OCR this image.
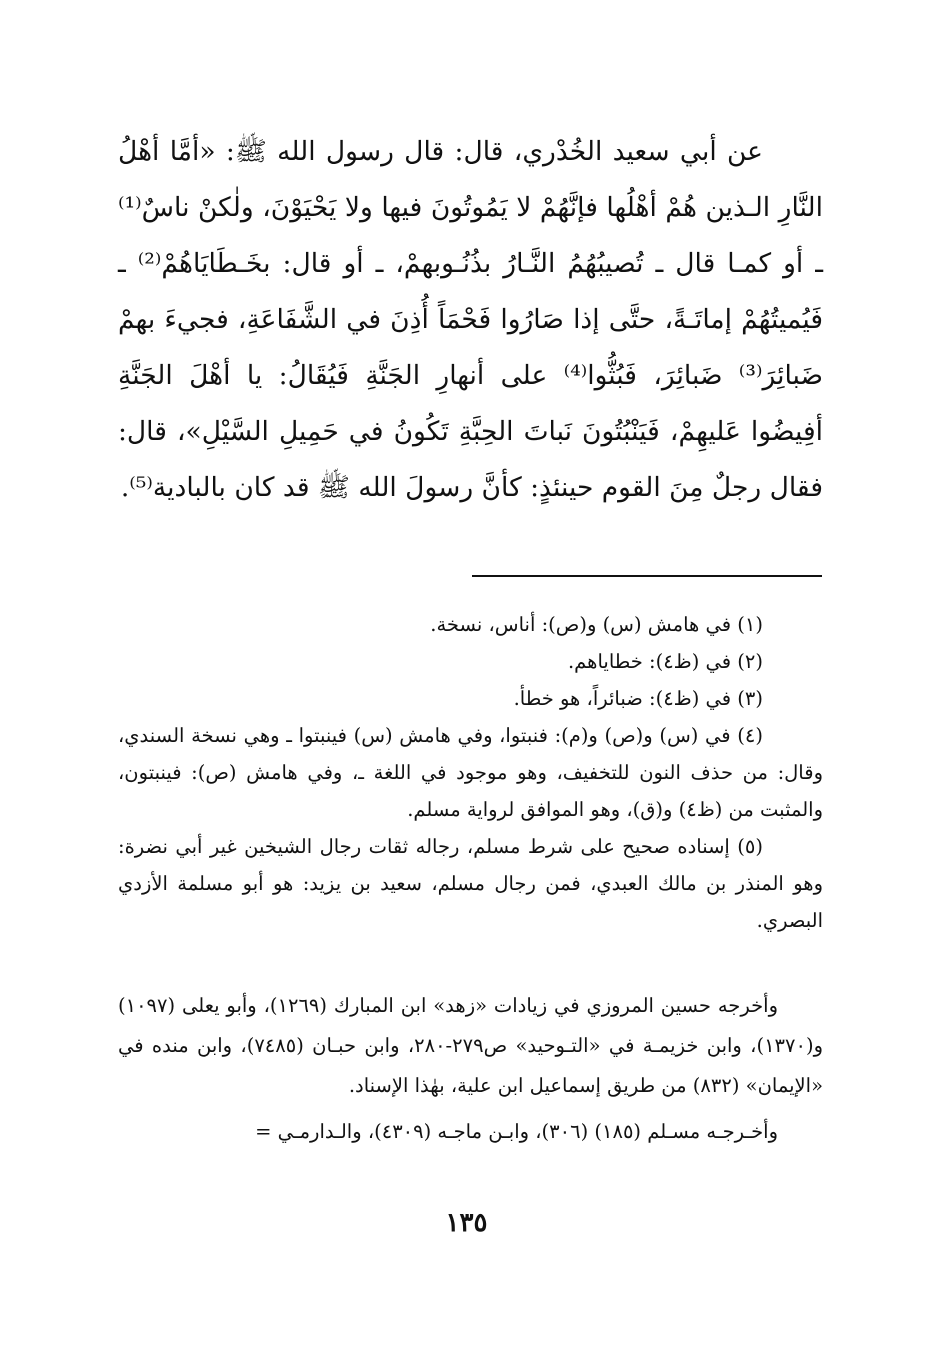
عن أبي سعيد الخُدْري، قال: قال رسول الله ﷺ: «أمَّا أهْلُ النَّارِ الـذين هُمْ أهْلُها فإنَّهُمْ لا يَمُوتُونَ فيها ولا يَحْيَوْنَ، ولٰكنْ ناسٌ⁽¹⁾ ـ أو كمـا قال ـ تُصيبُهُمُ النَّـارُ بذُنُـوبهمْ، ـ أو قال: بخَـطَايَاهُمْ⁽²⁾ ـ فَيُميتُهُمْ إماتَـةً، حتَّى إذا صَارُوا فَحْمَاً أُذِنَ في الشَّفَاعَةِ، فجيءَ بهمْ ضَبائِرَ⁽³⁾ ضَبائِرَ، فَبُثُّوا⁽⁴⁾ على أنهارِ الجَنَّةِ فَيُقَالُ: يا أهْلَ الجَنَّةِ أفِيضُوا عَليهِمْ، فَيَنْبُتُونَ نَباتَ الحِبَّةِ تَكُونُ في حَمِيلِ السَّيْلِ»، قال: فقال رجلٌ مِنَ القوم حينئذٍ: كأنَّ رسولَ الله ﷺ قد كان بالبادية⁽⁵⁾.

(١) في هامش (س) و(ص): أناس، نسخة.
(٢) في (ظ٤): خطاياهم.
(٣) في (ظ٤): ضبائراً، هو خطأ.
(٤) في (س) و(ص) و(م): فنبتوا، وفي هامش (س) فينبتوا ـ وهي نسخة السندي، وقال: من حذف النون للتخفيف، وهو موجود في اللغة ـ، وفي هامش (ص): فينبتون، والمثبت من (ظ٤) و(ق)، وهو الموافق لرواية مسلم.
(٥) إسناده صحيح على شرط مسلم، رجاله ثقات رجال الشيخين غير أبي نضرة: وهو المنذر بن مالك العبدي، فمن رجال مسلم، سعيد بن يزيد: هو أبو مسلمة الأزدي البصري.

وأخرجه حسين المروزي في زيادات «زهد» ابن المبارك (١٢٦٩)، وأبو يعلى (١٠٩٧) و(١٣٧٠)، وابن خزيمـة في «التـوحيد» ص٢٧٩-٢٨٠، وابن حبـان (٧٤٨٥)، وابن منده في «الإيمان» (٨٣٢) من طريق إسماعيل ابن علية، بهٰذا الإسناد.

وأخـرجـه مسـلم (١٨٥) (٣٠٦)، وابـن ماجـه (٤٣٠٩)، والـدارمـي =

١٣٥
